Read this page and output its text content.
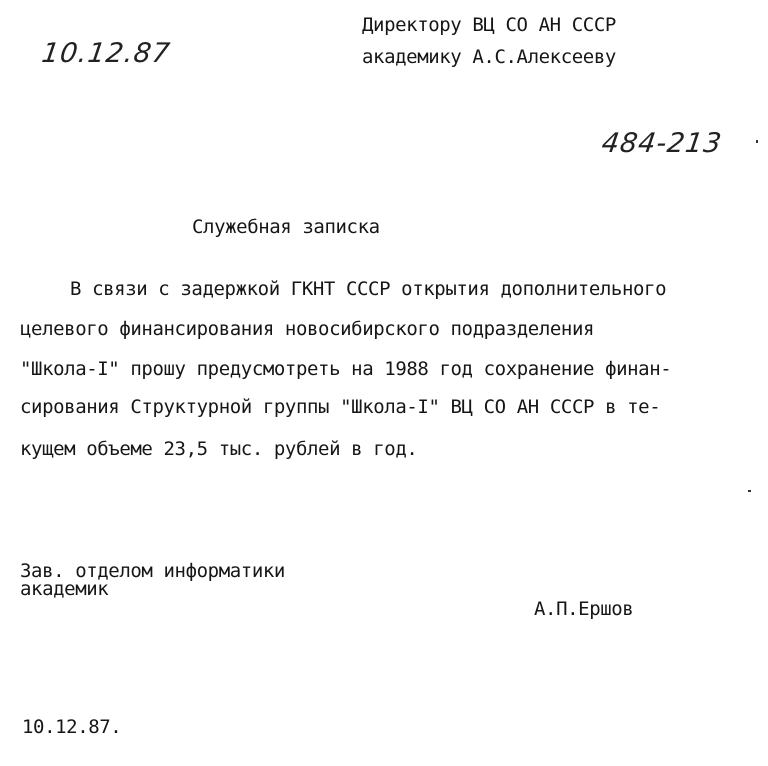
Директору ВЦ СО АН СССР
академику А.С.Алексееву
10.12.87
484-213
Служебная записка
В связи с задержкой ГКНТ СССР открытия дополнительного
целевого финансирования новосибирского подразделения
"Школа-I" прошу предусмотреть на 1988 год сохранение финан-
сирования Структурной группы "Школа-I" ВЦ СО АН СССР в те-
кущем объеме 23,5 тыс. рублей в год.
Зав. отделом информатики
академик
А.П.Ершов
10.12.87.
